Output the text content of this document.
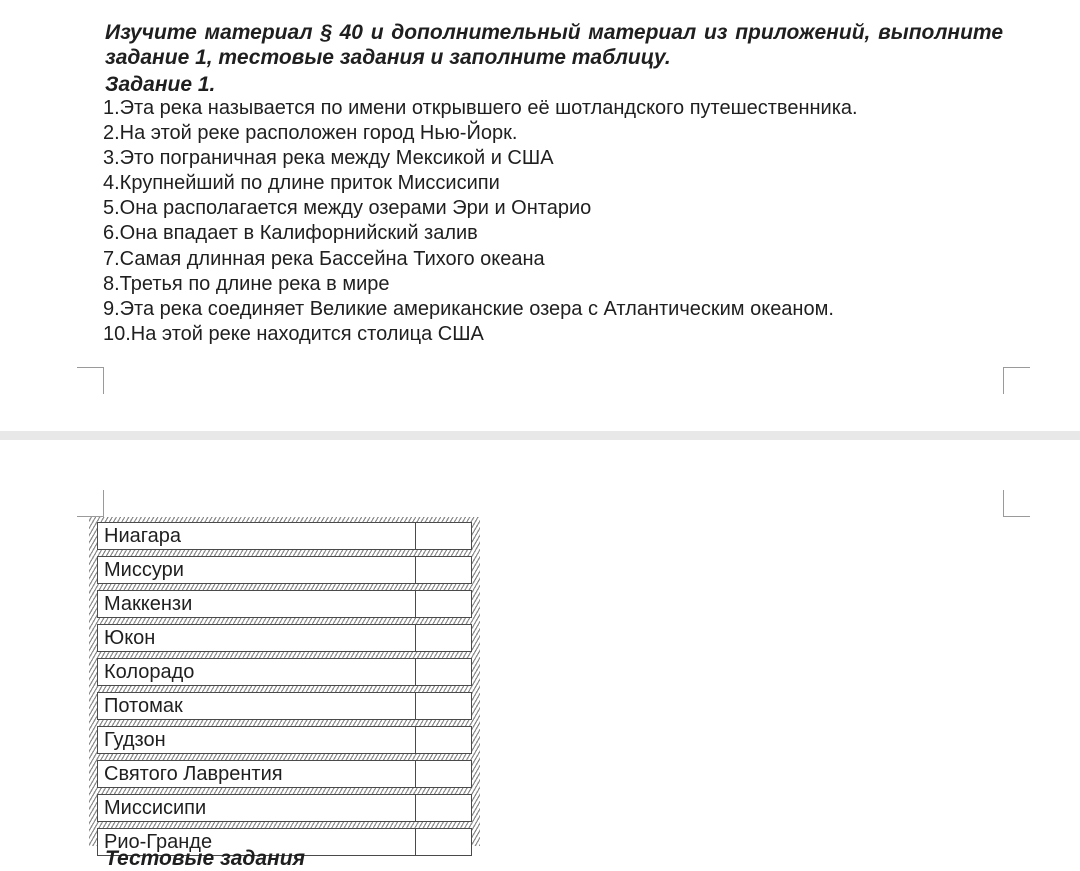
Изучите материал § 40 и дополнительный материал из приложений, выполните задание 1, тестовые задания и заполните таблицу.
Задание 1.
1.Эта река называется по имени открывшего её шотландского путешественника.
2.На этой реке расположен город Нью-Йорк.
3.Это пограничная река между Мексикой и США
4.Крупнейший по длине приток Миссисипи
5.Она располагается между озерами Эри и Онтарио
6.Она впадает в Калифорнийский залив
7.Самая длинная река Бассейна Тихого океана
8.Третья по длине река в мире
9.Эта река соединяет Великие американские озера с Атлантическим океаном.
10.На этой реке находится столица США
Ниагара	
Миссури	
Маккензи	
Юкон	
Колорадо	
Потомак	
Гудзон	
Святого Лаврентия	
Миссисипи	
Рио-Гранде	
Тестовые задания
